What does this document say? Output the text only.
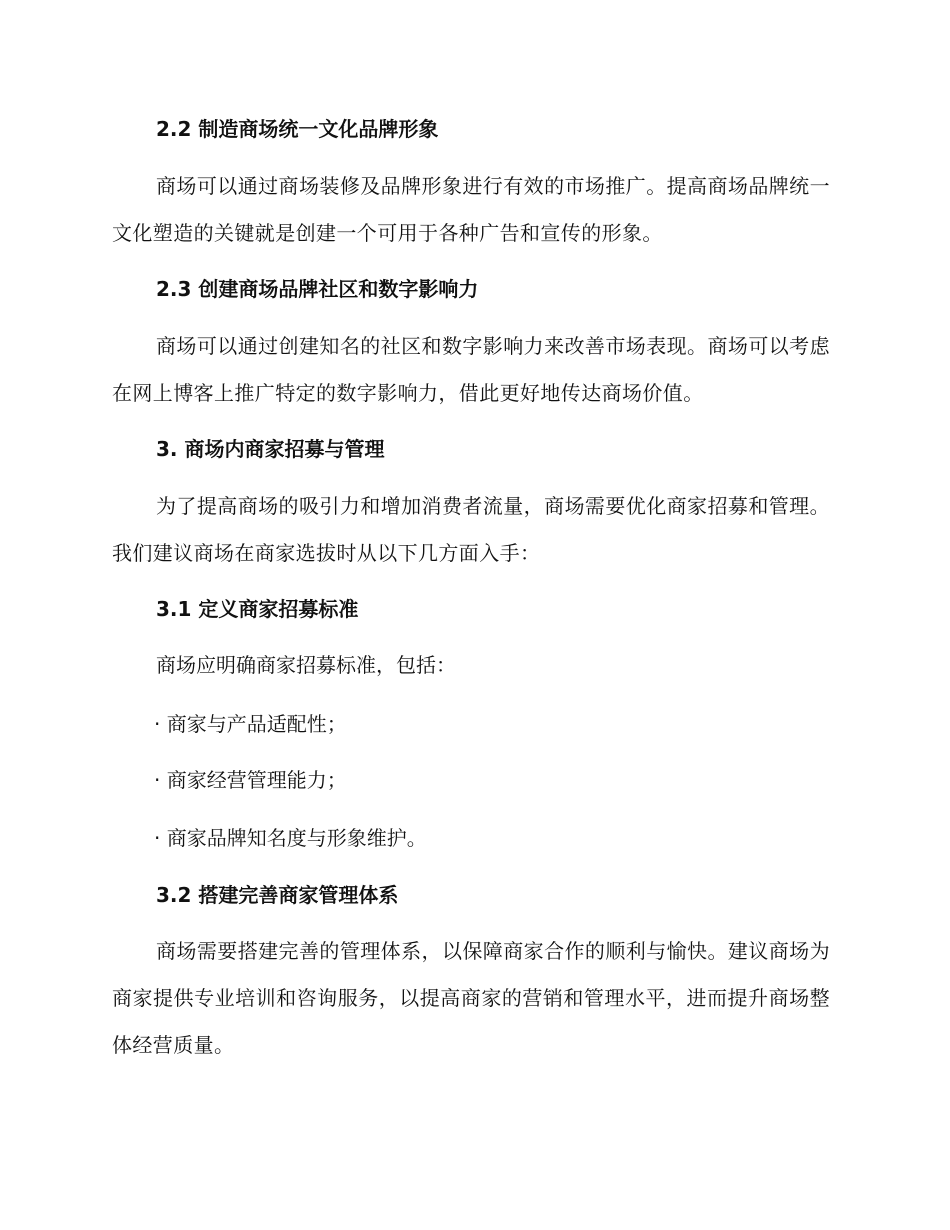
2.2 制造商场统一文化品牌形象
商场可以通过商场装修及品牌形象进行有效的市场推广。提高商场品牌统一文化塑造的关键就是创建一个可用于各种广告和宣传的形象。
2.3 创建商场品牌社区和数字影响力
商场可以通过创建知名的社区和数字影响力来改善市场表现。商场可以考虑在网上博客上推广特定的数字影响力，借此更好地传达商场价值。
3. 商场内商家招募与管理
为了提高商场的吸引力和增加消费者流量，商场需要优化商家招募和管理。我们建议商场在商家选拔时从以下几方面入手：
3.1 定义商家招募标准
商场应明确商家招募标准，包括：
· 商家与产品适配性；
· 商家经营管理能力；
· 商家品牌知名度与形象维护。
3.2 搭建完善商家管理体系
商场需要搭建完善的管理体系，以保障商家合作的顺利与愉快。建议商场为商家提供专业培训和咨询服务，以提高商家的营销和管理水平，进而提升商场整体经营质量。
